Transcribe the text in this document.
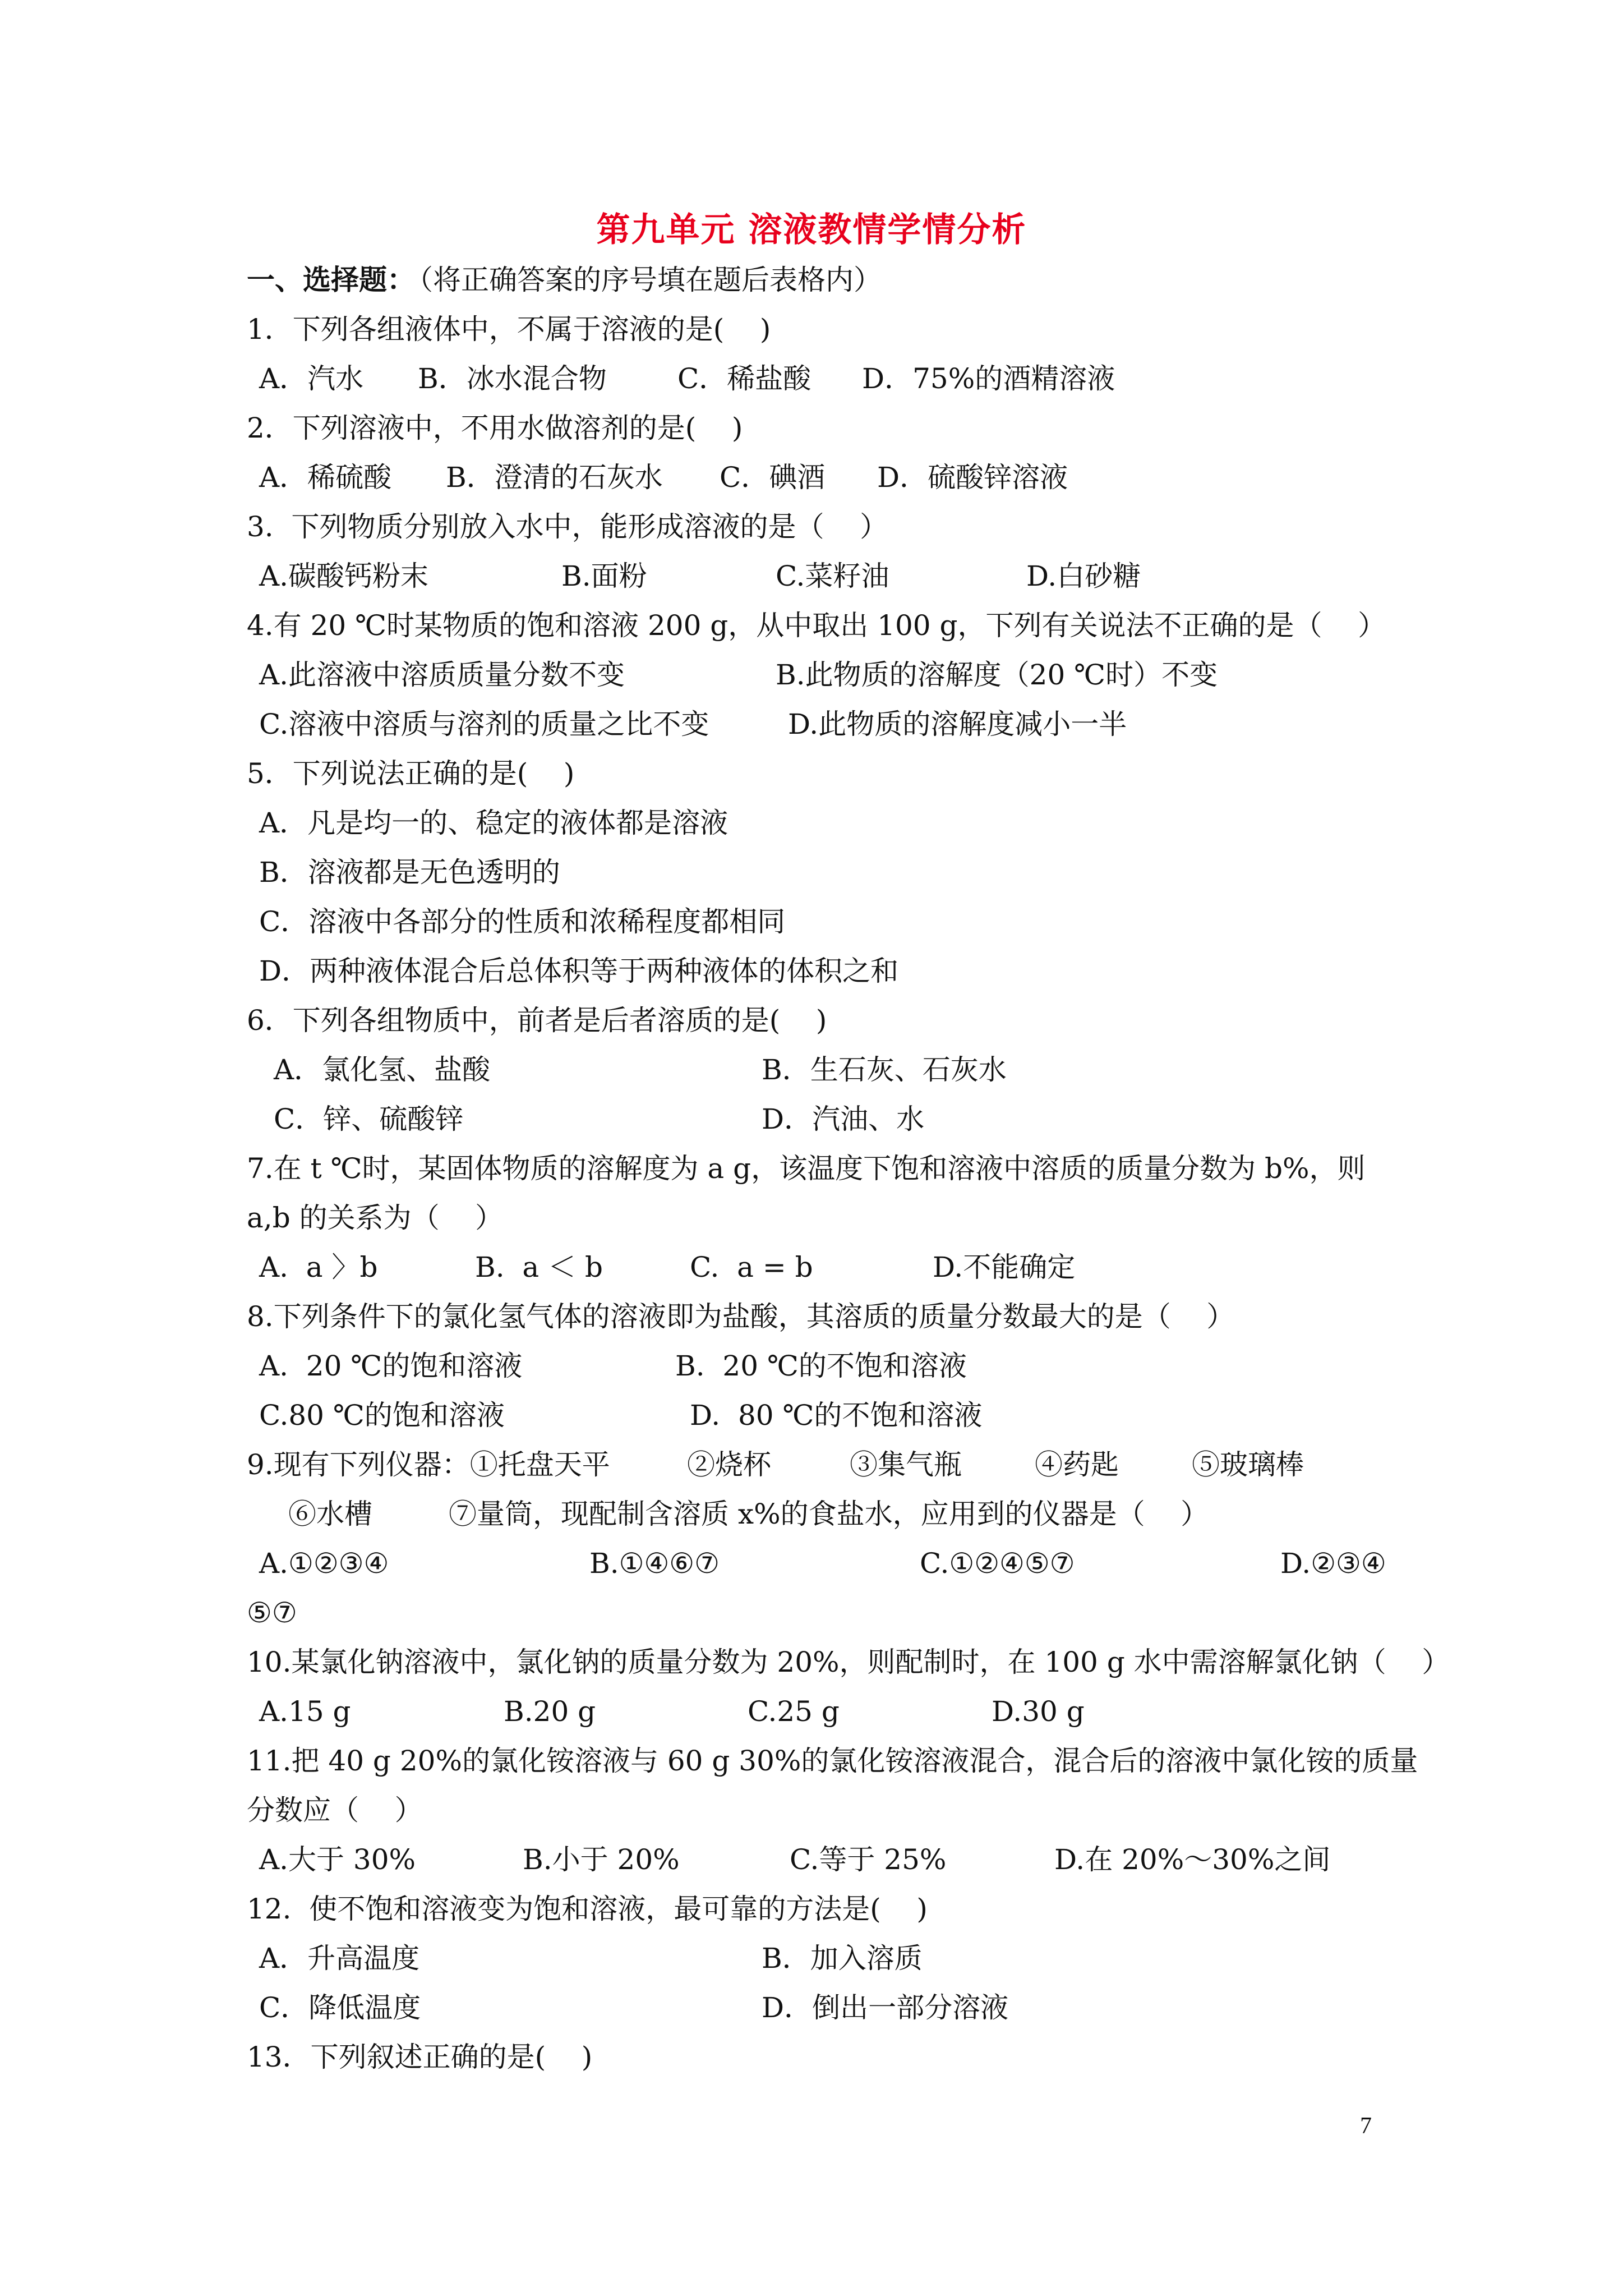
第九单元 溶液教情学情分析

一、选择题：

（将正确答案的序号填在题后表格内）

1．下列各组液体中，不属于溶液的是(    )

A．汽水

B．冰水混合物

	C．稀盐酸

D．75%的酒精溶液

2．下列溶液中，不用水做溶剂的是(    )

A．稀硫酸

B．澄清的石灰水

C．碘酒

D．硫酸锌溶液

3.  下列物质分别放入水中，能形成溶液的是（    ）

A.碳酸钙粉末

	B.面粉

	C.菜籽油

	D.白砂糖

4.有 20 ℃时某物质的饱和溶液 200 g，从中取出 100 g，下列有关说法不正确的是（    ）

A.此溶液中溶质质量分数不变

	B.此物质的溶解度（20 ℃时）不变

C.溶液中溶质与溶剂的质量之比不变

	D.此物质的溶解度减小一半

5．下列说法正确的是(    )

A．凡是均一的、稳定的液体都是溶液

B．溶液都是无色透明的

C．溶液中各部分的性质和浓稀程度都相同

D．两种液体混合后总体积等于两种液体的体积之和

6．下列各组物质中，前者是后者溶质的是(    )

A．氯化氢、盐酸

	B．生石灰、石灰水

C．锌、硫酸锌

	D．汽油、水

7.在 t ℃时，某固体物质的溶解度为 a g，该温度下饱和溶液中溶质的质量分数为 b%，则

a,b 的关系为（    ）

A.  a 〉b

	B.  a ＜ b

	C.  a = b

	D.不能确定

8.下列条件下的氯化氢气体的溶液即为盐酸，其溶质的质量分数最大的是（    ）

A.  20 ℃的饱和溶液

	B.  20 ℃的不饱和溶液

C.80 ℃的饱和溶液

	D.  80 ℃的不饱和溶液

9.现有下列仪器：①托盘天平

	②烧杯

	③集气瓶

	④药匙

	⑤玻璃棒

⑥水槽

	⑦量筒，现配制含溶质 x%的食盐水，应用到的仪器是（    ）

A.①②③④

	B.①④⑥⑦

	C.①②④⑤⑦

	D.②③④

⑤⑦

10.某氯化钠溶液中，氯化钠的质量分数为 20%，则配制时，在 100 g 水中需溶解氯化钠（    ）

A.15 g

	B.20 g

	C.25 g

	D.30 g

11.把 40 g 20%的氯化铵溶液与 60 g 30%的氯化铵溶液混合，混合后的溶液中氯化铵的质量

分数应（    ）

A.大于 30%

	B.小于 20%

	C.等于 25%

	D.在 20%～30%之间

12.  使不饱和溶液变为饱和溶液，最可靠的方法是(    )

A．升高温度

	B．加入溶质

C．降低温度

	D．倒出一部分溶液

13．下列叙述正确的是(    )

7
